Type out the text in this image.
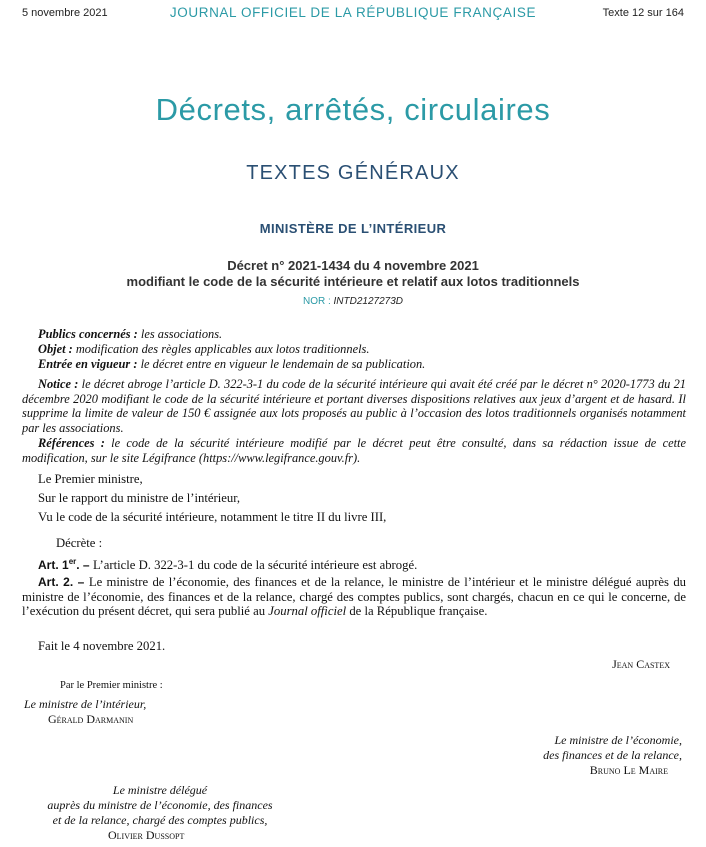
5 novembre 2021	JOURNAL OFFICIEL DE LA RÉPUBLIQUE FRANÇAISE	Texte 12 sur 164
Décrets, arrêtés, circulaires
TEXTES GÉNÉRAUX
MINISTÈRE DE L’INTÉRIEUR
Décret n° 2021-1434 du 4 novembre 2021
modifiant le code de la sécurité intérieure et relatif aux lotos traditionnels
NOR : INTD2127273D
Publics concernés : les associations.
Objet : modification des règles applicables aux lotos traditionnels.
Entrée en vigueur : le décret entre en vigueur le lendemain de sa publication.
Notice : le décret abroge l’article D. 322-3-1 du code de la sécurité intérieure qui avait été créé par le décret n° 2020-1773 du 21 décembre 2020 modifiant le code de la sécurité intérieure et portant diverses dispositions relatives aux jeux d’argent et de hasard. Il supprime la limite de valeur de 150 € assignée aux lots proposés au public à l’occasion des lotos traditionnels organisés notamment par les associations.
Références : le code de la sécurité intérieure modifié par le décret peut être consulté, dans sa rédaction issue de cette modification, sur le site Légifrance (https://www.legifrance.gouv.fr).
Le Premier ministre,
Sur le rapport du ministre de l’intérieur,
Vu le code de la sécurité intérieure, notamment le titre II du livre III,
Décrète :
Art. 1er. – L’article D. 322-3-1 du code de la sécurité intérieure est abrogé.
Art. 2. – Le ministre de l’économie, des finances et de la relance, le ministre de l’intérieur et le ministre délégué auprès du ministre de l’économie, des finances et de la relance, chargé des comptes publics, sont chargés, chacun en ce qui le concerne, de l’exécution du présent décret, qui sera publié au Journal officiel de la République française.
Fait le 4 novembre 2021.
Jean Castex
Par le Premier ministre :
Le ministre de l’intérieur,
Gérald Darmanin
Le ministre de l’économie,
des finances et de la relance,
Bruno Le Maire
Le ministre délégué
auprès du ministre de l’économie, des finances
et de la relance, chargé des comptes publics,
Olivier Dussopt
